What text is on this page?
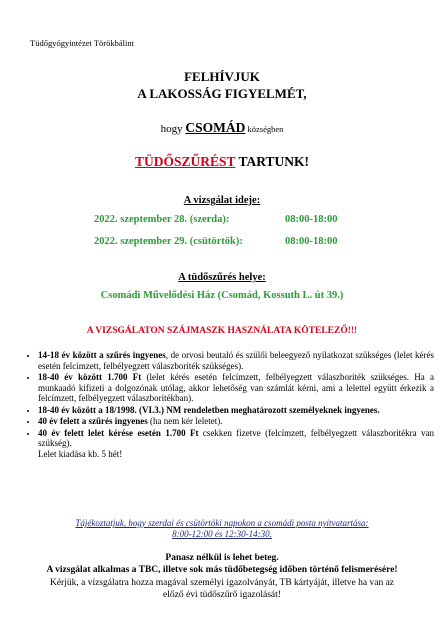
Tüdőgyógyintézet Törökbálint
FELHÍVJUK
A LAKOSSÁG FIGYELMÉT,
hogy CSOMÁD községben
TÜDŐSZŰRÉST TARTUNK!
A vizsgálat ideje:
2022. szeptember 28. (szerda):	08:00-18:00
2022. szeptember 29. (csütörtök):	08:00-18:00
A tüdőszűrés helye:
Csomádi Művelődési Ház (Csomád, Kossuth L. út 39.)
A VIZSGÁLATON SZÁJMASZK HASZNÁLATA KÖTELEZŐ!!!
• 14-18 év között a szűrés ingyenes, de orvosi beutaló és szülői beleegyező nyilatkozat szükséges (lelet kérés esetén felcímzett, felbélyegzett válaszboríték szükséges).
• 18-40 év között 1.700 Ft (lelet kérés esetén felcímzett, felbélyegzett válaszboríték szükséges. Ha a munkaadó kifizeti a dolgozónak utólag, akkor lehetőség van számlát kérni, ami a lelettel együtt érkezik a felcímzett, felbélyegzett válaszborítékban).
• 18-40 év között a 18/1998. (VI.3.) NM rendeletben meghatározott személyeknek ingyenes.
• 40 év felett a szűrés ingyenes (ha nem kér leletet).
• 40 év felett lelet kérése esetén 1.700 Ft csekken fizetve (felcímzett, felbélyegzett válaszborítékra van szükség).
Lelet kiadása kb. 5 hét!
Tájékoztatjuk, hogy szerdai és csütörtöki napokon a csomádi posta nyitvatartása:
8:00-12:00 és 12:30-14:30.
Panasz nélkül is lehet beteg.
A vizsgálat alkalmas a TBC, illetve sok más tüdőbetegség időben történő felismerésére!
Kérjük, a vizsgálatra hozza magával személyi igazolványát, TB kártyáját, illetve ha van az
előző évi tüdőszűrő igazolását!
